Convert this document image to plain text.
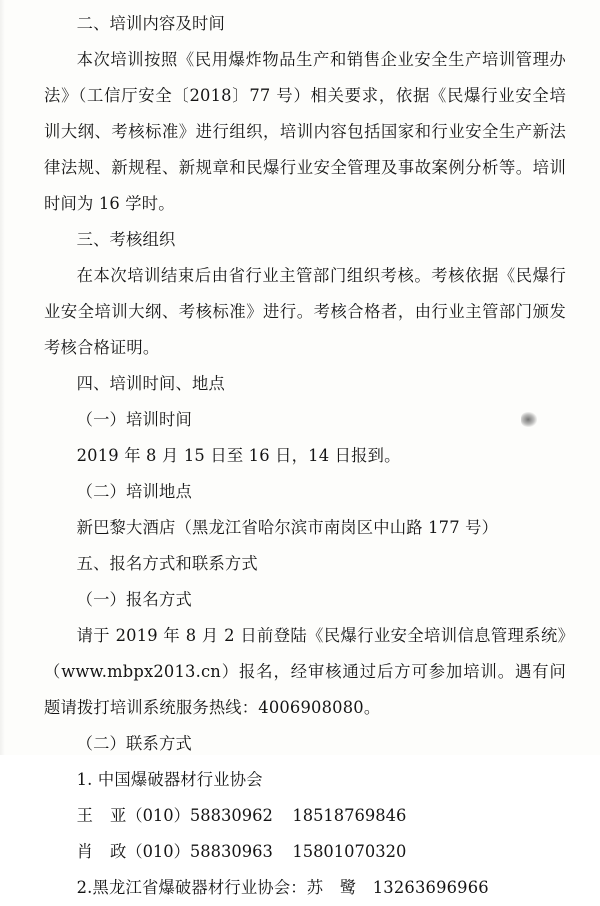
二、培训内容及时间

本次培训按照《民用爆炸物品生产和销售企业安全生产培训管理办法》（工信厅安全〔2018〕77 号）相关要求，依据《民爆行业安全培训大纲、考核标准》进行组织，培训内容包括国家和行业安全生产新法律法规、新规程、新规章和民爆行业安全管理及事故案例分析等。培训时间为 16 学时。

三、考核组织

在本次培训结束后由省行业主管部门组织考核。考核依据《民爆行业安全培训大纲、考核标准》进行。考核合格者，由行业主管部门颁发考核合格证明。

四、培训时间、地点

（一）培训时间

2019 年 8 月 15 日至 16 日，14 日报到。

（二）培训地点

新巴黎大酒店（黑龙江省哈尔滨市南岗区中山路 177 号）

五、报名方式和联系方式

（一）报名方式

请于 2019 年 8 月 2 日前登陆《民爆行业安全培训信息管理系统》（www.mbpx2013.cn）报名，经审核通过后方可参加培训。遇有问题请拨打培训系统服务热线：4006908080。

（二）联系方式

1. 中国爆破器材行业协会

王 亚（010）58830962 18518769846

肖 政（010）58830963 15801070320

2.黑龙江省爆破器材行业协会：苏　鹭　13263696966
